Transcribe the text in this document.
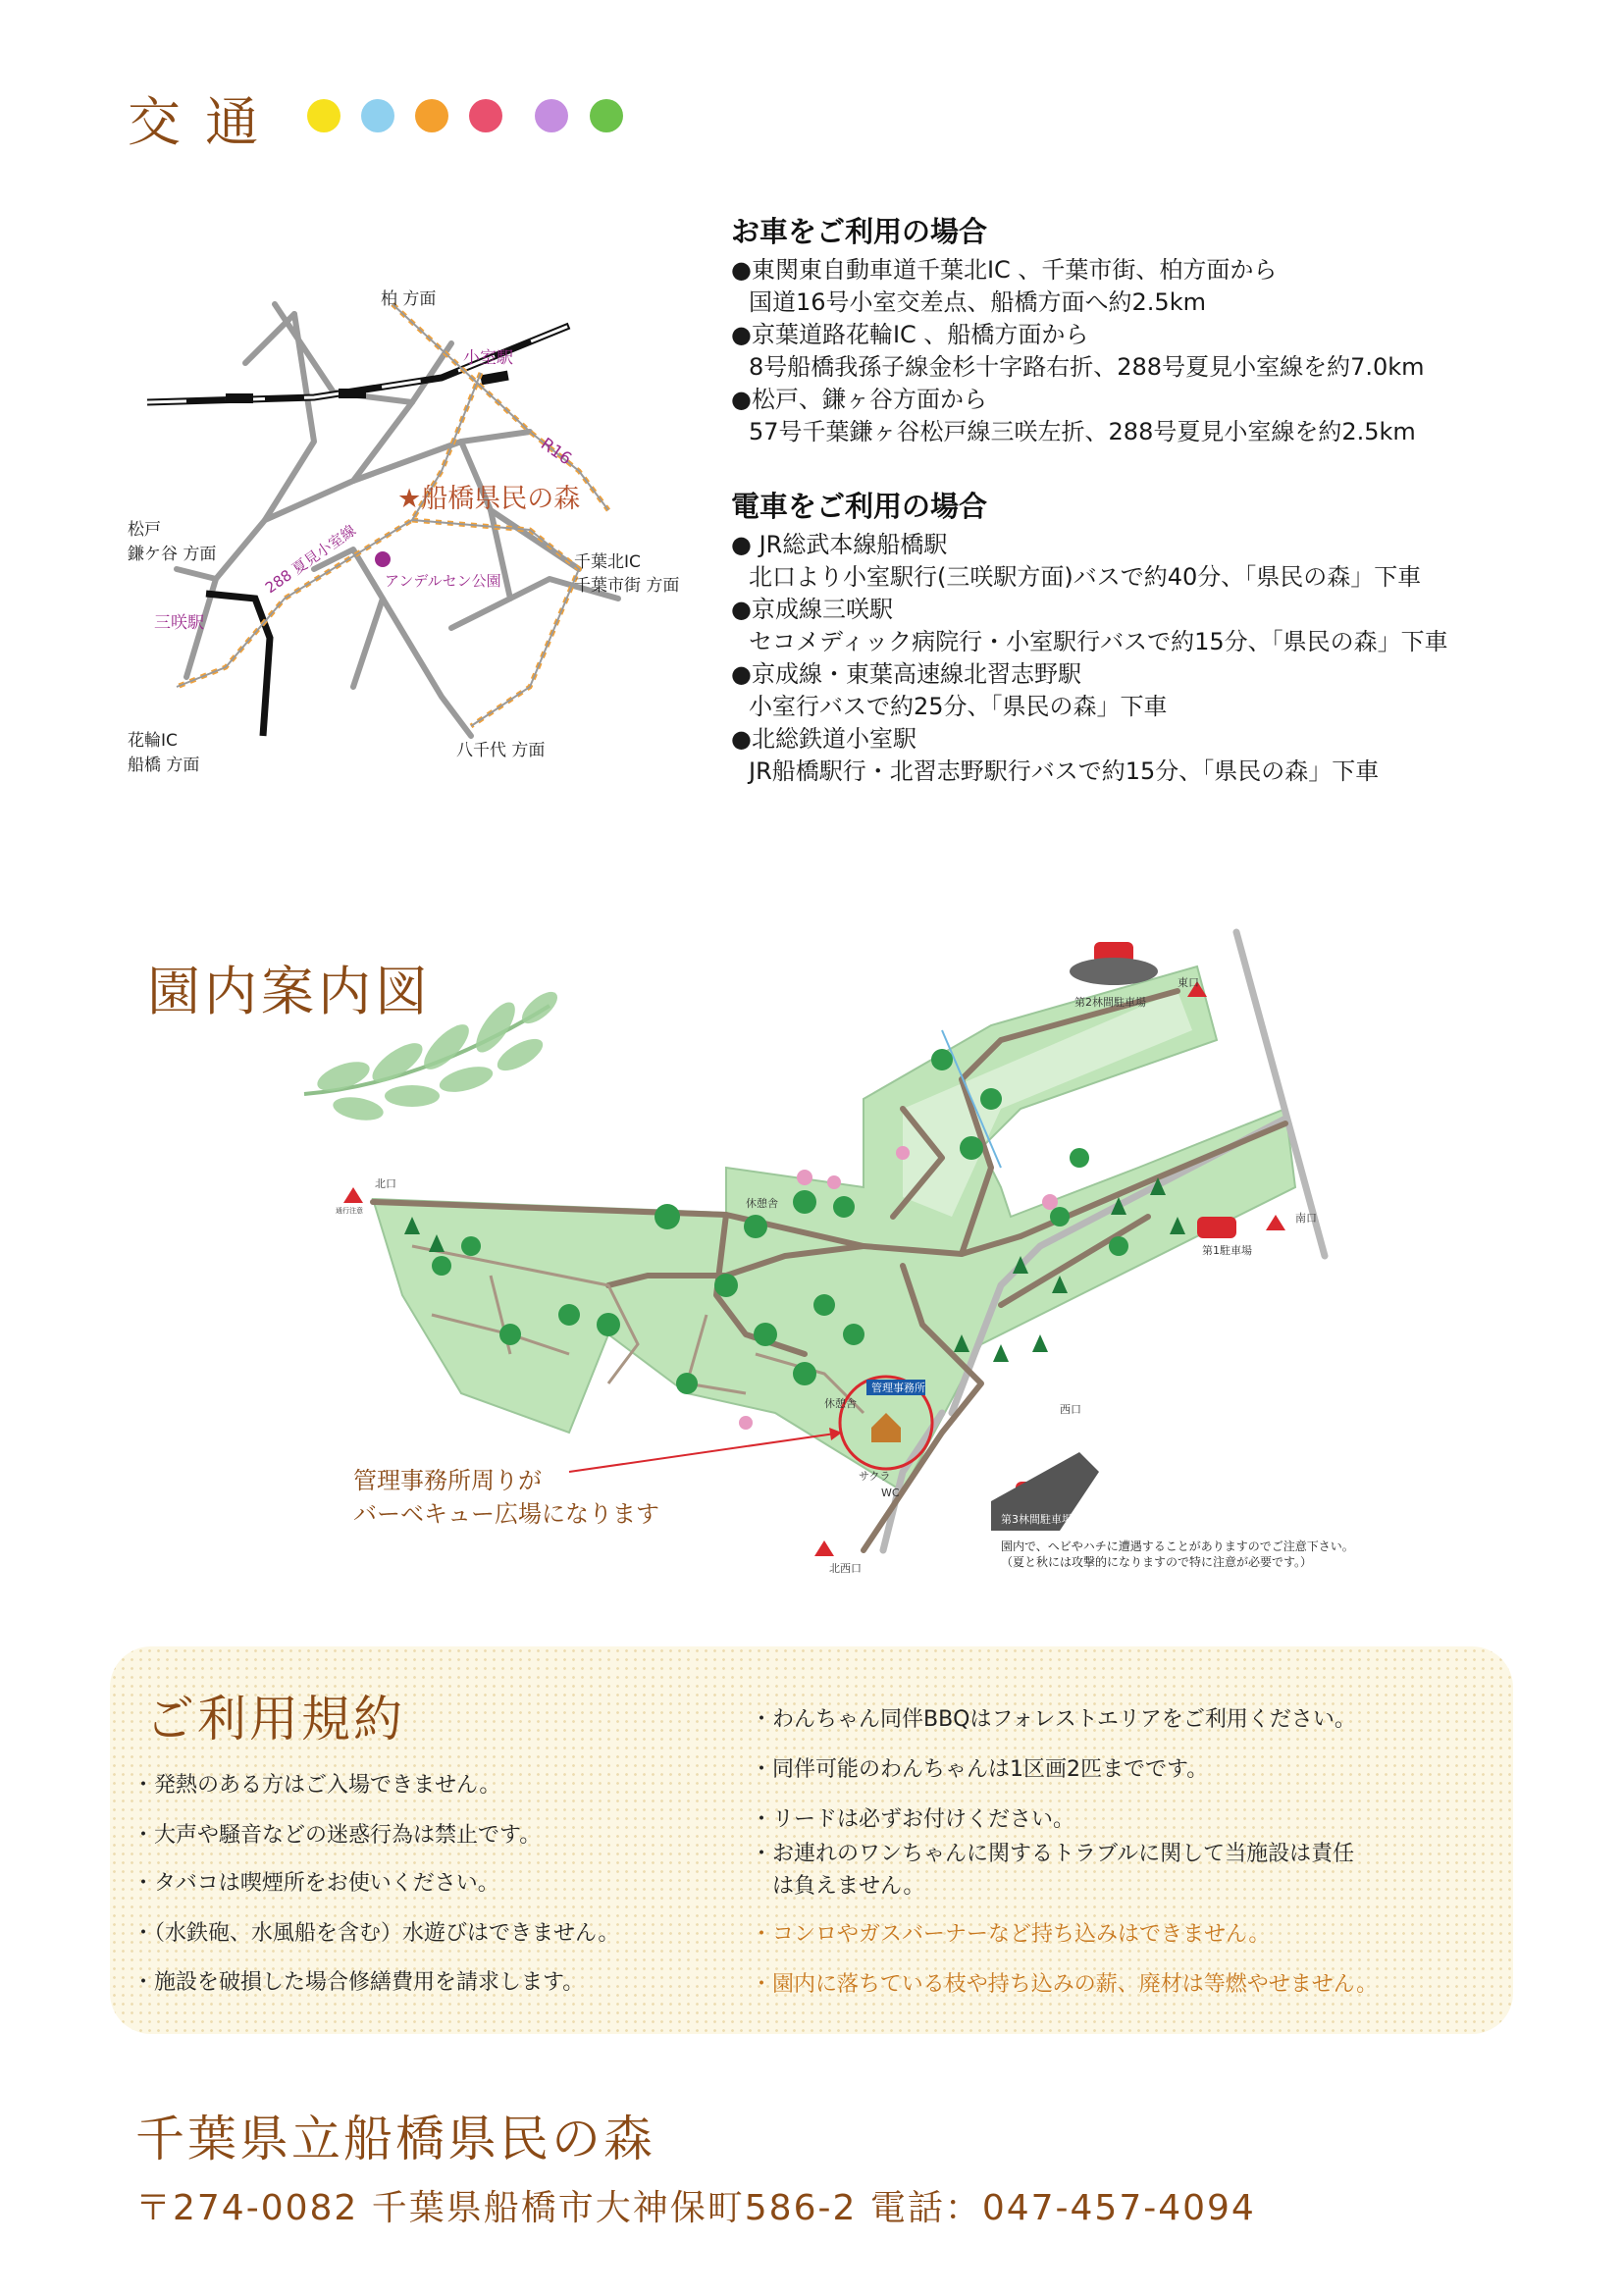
交 通
柏 方面
小室駅
R16
★船橋県民の森
松戸
鎌ケ谷 方面	288 夏見小室線 アンデルセン公園
千葉北IC
千葉市街 方面
三咲駅
花輪IC
船橋 方面
八千代 方面
お車をご利用の場合
●東関東自動車道千葉北IC 、千葉市街、柏方面から
国道16号小室交差点、船橋方面へ約2.5km
●京葉道路花輪IC 、船橋方面から
8号船橋我孫子線金杉十字路右折、288号夏見小室線を約7.0km
●松戸、鎌ヶ谷方面から
57号千葉鎌ヶ谷松戸線三咲左折、288号夏見小室線を約2.5km
電車をご利用の場合
● JR総武本線船橋駅
北口より小室駅行(三咲駅方面)バスで約40分、「県民の森」下車
●京成線三咲駅
セコメディック病院行・小室駅行バスで約15分、「県民の森」下車
●京成線・東葉高速線北習志野駅
小室行バスで約25分、「県民の森」下車
●北総鉄道小室駅
JR船橋駅行・北習志野駅行バスで約15分、「県民の森」下車
園内案内図
北口
東口
南口
西口
北西口
第2林間駐車場
第1駐車場
第3林間駐車場
管理事務所
休憩舎
休憩舎
サクラ
WC
通行注意
園内で、ヘビやハチに遭遇することがありますのでご注意下さい。
（夏と秋には攻撃的になりますので特に注意が必要です。）
管理事務所周りが
バーベキュー広場になります
ご利用規約
・発熱のある方はご入場できません。
・大声や騒音などの迷惑行為は禁止です。
・タバコは喫煙所をお使いください。
・（水鉄砲、水風船を含む）水遊びはできません。
・施設を破損した場合修繕費用を請求します。
・わんちゃん同伴BBQはフォレストエリアをご利用ください。
・同伴可能のわんちゃんは1区画2匹までです。
・リードは必ずお付けください。
・お連れのワンちゃんに関するトラブルに関して当施設は責任
　は負えません。
・コンロやガスバーナーなど持ち込みはできません。
・園内に落ちている枝や持ち込みの薪、廃材は等燃やせません。
千葉県立船橋県民の森
〒274-0082 千葉県船橋市大神保町586-2 電話：047-457-4094
